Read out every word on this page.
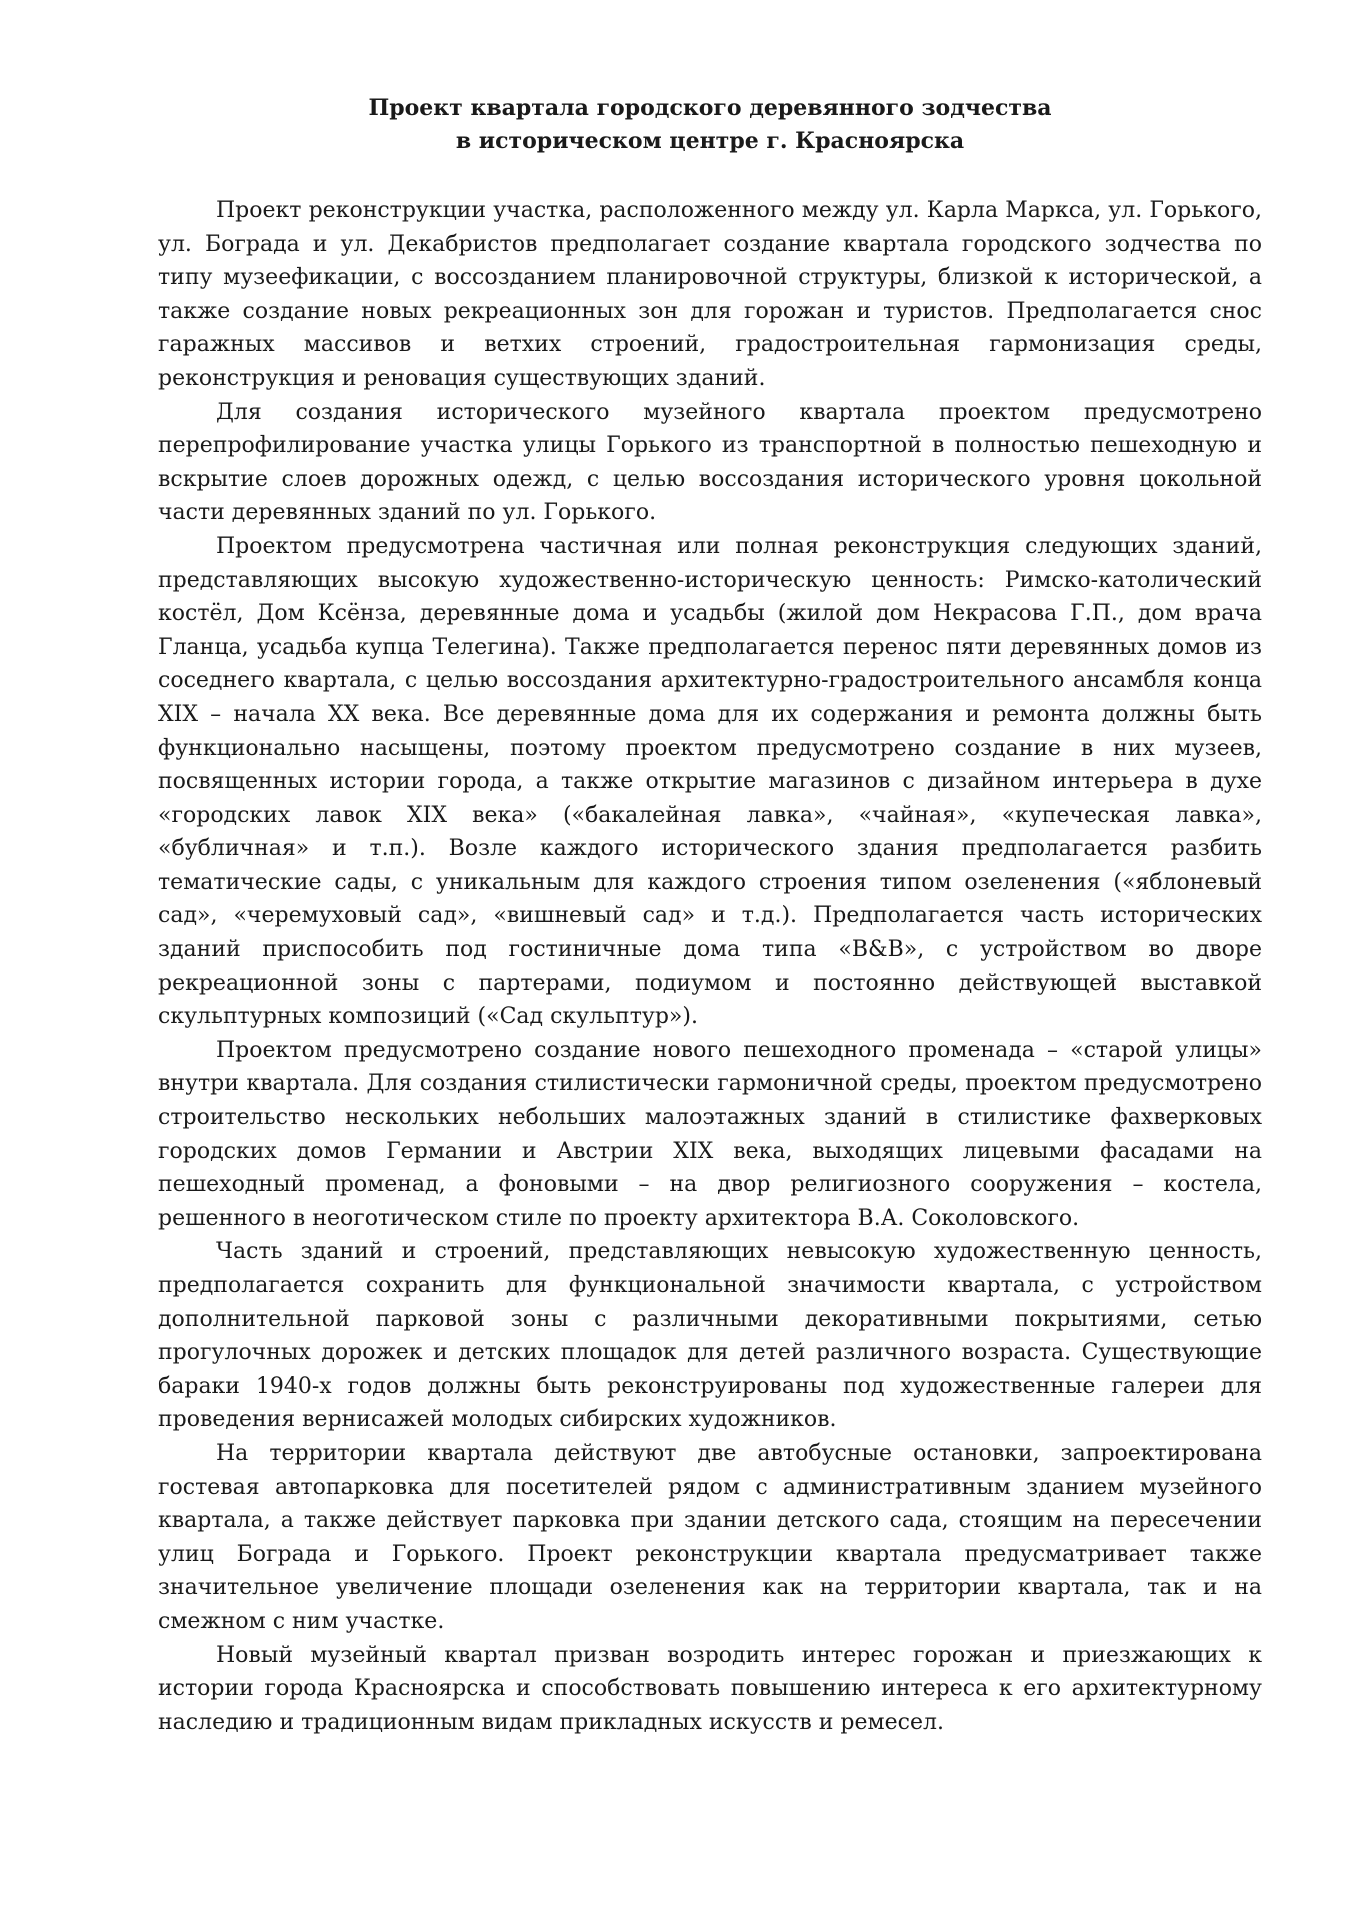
Проект квартала городского деревянного зодчества
в историческом центре г. Красноярска

Проект реконструкции участка, расположенного между ул. Карла Маркса, ул. Горького, ул. Бограда и ул. Декабристов предполагает создание квартала городского зодчества по типу музеефикации, с воссозданием планировочной структуры, близкой к исторической, а также создание новых рекреационных зон для горожан и туристов. Предполагается снос гаражных массивов и ветхих строений, градостроительная гармонизация среды, реконструкция и реновация существующих зданий.

Для создания исторического музейного квартала проектом предусмотрено перепрофилирование участка улицы Горького из транспортной в полностью пешеходную и вскрытие слоев дорожных одежд, с целью воссоздания исторического уровня цокольной части деревянных зданий по ул. Горького.

Проектом предусмотрена частичная или полная реконструкция следующих зданий, представляющих высокую художественно-историческую ценность: Римско-католический костёл, Дом Ксёнза, деревянные дома и усадьбы (жилой дом Некрасова Г.П., дом врача Гланца, усадьба купца Телегина). Также предполагается перенос пяти деревянных домов из соседнего квартала, с целью воссоздания архитектурно-градостроительного ансамбля конца XIX – начала XX века. Все деревянные дома для их содержания и ремонта должны быть функционально насыщены, поэтому проектом предусмотрено создание в них музеев, посвященных истории города, а также открытие магазинов с дизайном интерьера в духе «городских лавок XIX века» («бакалейная лавка», «чайная», «купеческая лавка», «бубличная» и т.п.). Возле каждого исторического здания предполагается разбить тематические сады, с уникальным для каждого строения типом озеленения («яблоневый сад», «черемуховый сад», «вишневый сад» и т.д.). Предполагается часть исторических зданий приспособить под гостиничные дома типа «B&B», с устройством во дворе рекреационной зоны с партерами, подиумом и постоянно действующей выставкой скульптурных композиций («Сад скульптур»).

Проектом предусмотрено создание нового пешеходного променада – «старой улицы» внутри квартала. Для создания стилистически гармоничной среды, проектом предусмотрено строительство нескольких небольших малоэтажных зданий в стилистике фахверковых городских домов Германии и Австрии XIX века, выходящих лицевыми фасадами на пешеходный променад, а фоновыми – на двор религиозного сооружения – костела, решенного в неоготическом стиле по проекту архитектора В.А. Соколовского.

Часть зданий и строений, представляющих невысокую художественную ценность, предполагается сохранить для функциональной значимости квартала, с устройством дополнительной парковой зоны с различными декоративными покрытиями, сетью прогулочных дорожек и детских площадок для детей различного возраста. Существующие бараки 1940-х годов должны быть реконструированы под художественные галереи для проведения вернисажей молодых сибирских художников.

На территории квартала действуют две автобусные остановки, запроектирована гостевая автопарковка для посетителей рядом с административным зданием музейного квартала, а также действует парковка при здании детского сада, стоящим на пересечении улиц Бограда и Горького. Проект реконструкции квартала предусматривает также значительное увеличение площади озеленения как на территории квартала, так и на смежном с ним участке.

Новый музейный квартал призван возродить интерес горожан и приезжающих к истории города Красноярска и способствовать повышению интереса к его архитектурному наследию и традиционным видам прикладных искусств и ремесел.
